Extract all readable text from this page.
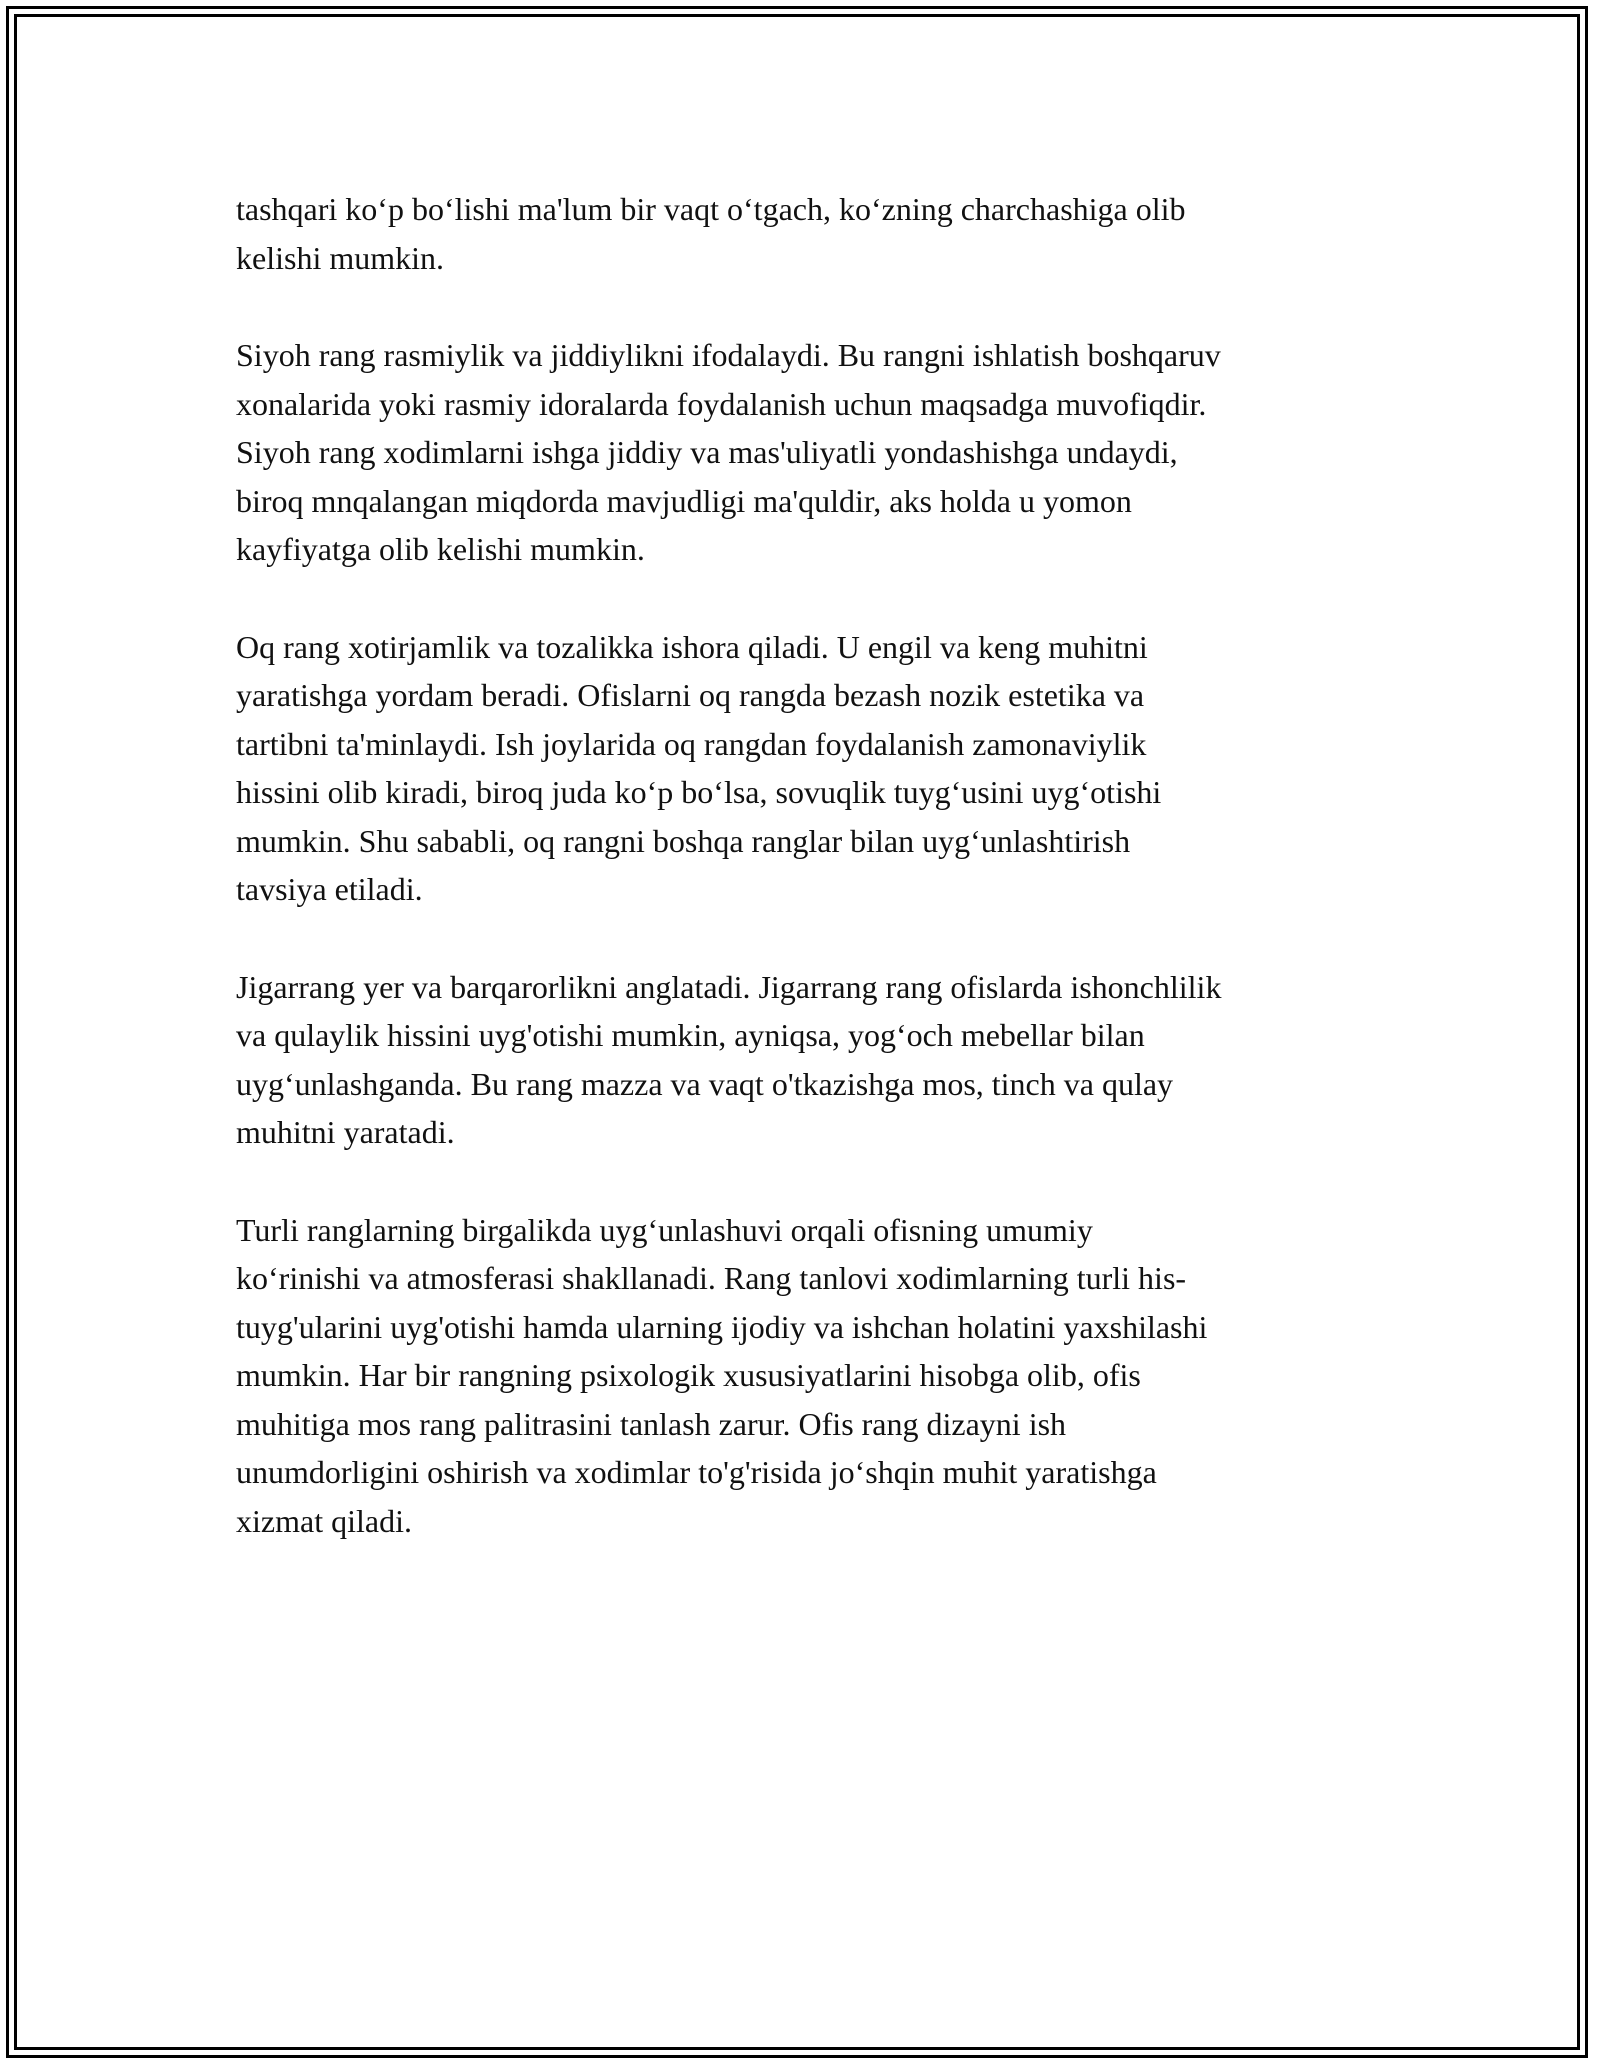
tashqari ko‘p bo‘lishi ma'lum bir vaqt o‘tgach, ko‘zning charchashiga olib
kelishi mumkin.

Siyoh rang rasmiylik va jiddiylikni ifodalaydi. Bu rangni ishlatish boshqaruv
xonalarida yoki rasmiy idoralarda foydalanish uchun maqsadga muvofiqdir.
Siyoh rang xodimlarni ishga jiddiy va mas'uliyatli yondashishga undaydi,
biroq mnqalangan miqdorda mavjudligi ma'quldir, aks holda u yomon
kayfiyatga olib kelishi mumkin.

Oq rang xotirjamlik va tozalikka ishora qiladi. U engil va keng muhitni
yaratishga yordam beradi. Ofislarni oq rangda bezash nozik estetika va
tartibni ta'minlaydi. Ish joylarida oq rangdan foydalanish zamonaviylik
hissini olib kiradi, biroq juda ko‘p bo‘lsa, sovuqlik tuyg‘usini uyg‘otishi
mumkin. Shu sababli, oq rangni boshqa ranglar bilan uyg‘unlashtirish
tavsiya etiladi.

Jigarrang yer va barqarorlikni anglatadi. Jigarrang rang ofislarda ishonchlilik
va qulaylik hissini uyg'otishi mumkin, ayniqsa, yog‘och mebellar bilan
uyg‘unlashganda. Bu rang mazza va vaqt o'tkazishga mos, tinch va qulay
muhitni yaratadi.

Turli ranglarning birgalikda uyg‘unlashuvi orqali ofisning umumiy
ko‘rinishi va atmosferasi shakllanadi. Rang tanlovi xodimlarning turli his-
tuyg'ularini uyg'otishi hamda ularning ijodiy va ishchan holatini yaxshilashi
mumkin. Har bir rangning psixologik xususiyatlarini hisobga olib, ofis
muhitiga mos rang palitrasini tanlash zarur. Ofis rang dizayni ish
unumdorligini oshirish va xodimlar to'g'risida jo‘shqin muhit yaratishga
xizmat qiladi.
